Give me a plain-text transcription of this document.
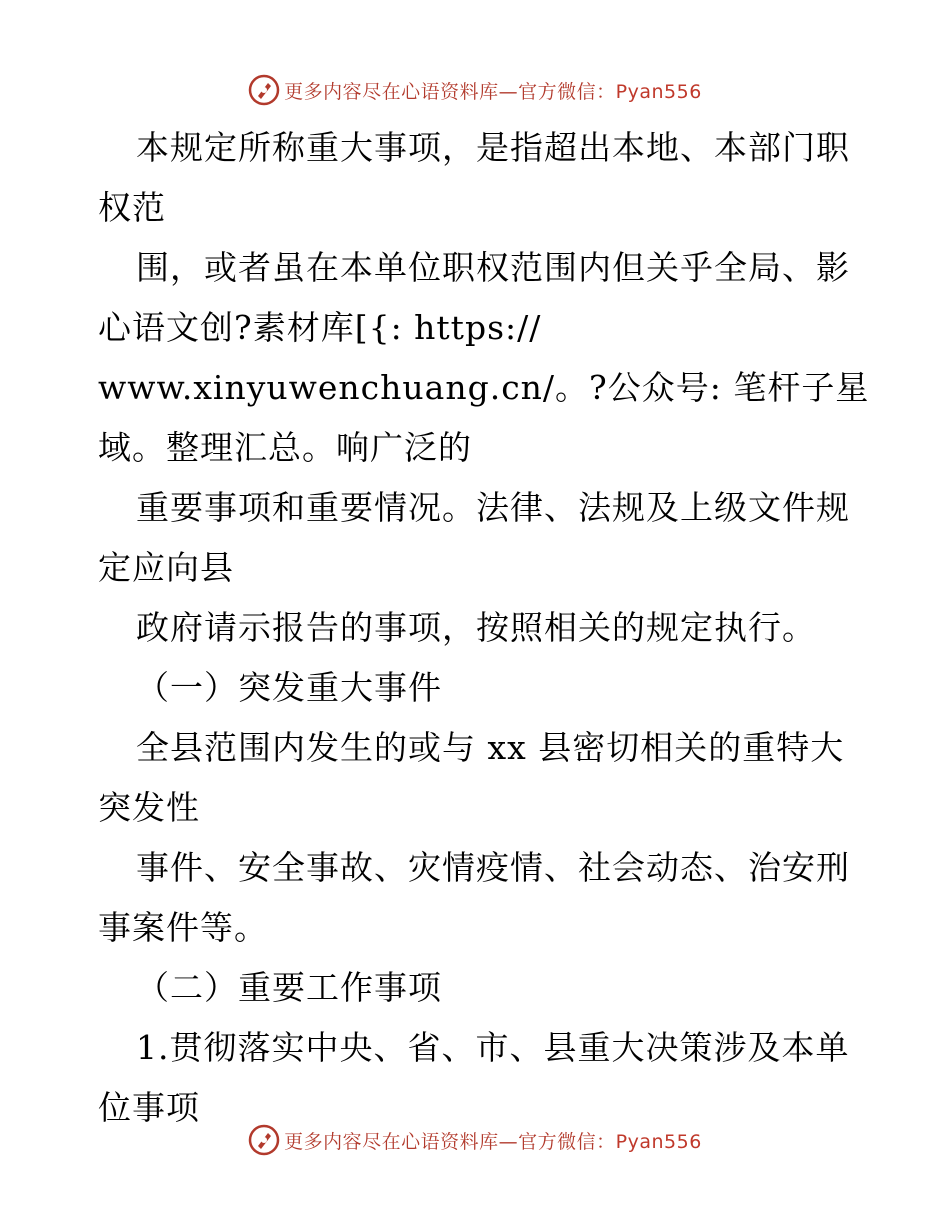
更多内容尽在心语资料库—官方微信：Pyan556
本规定所称重大事项，是指超出本地、本部门职
权范
围，或者虽在本单位职权范围内但关乎全局、影
心语文创?素材库[{: https://
www.xinyuwenchuang.cn/。?公众号: 笔杆子星
域。整理汇总。响广泛的
重要事项和重要情况。法律、法规及上级文件规
定应向县
政府请示报告的事项，按照相关的规定执行。
（一）突发重大事件
全县范围内发生的或与 xx 县密切相关的重特大
突发性
事件、安全事故、灾情疫情、社会动态、治安刑
事案件等。
（二）重要工作事项
1.贯彻落实中央、省、市、县重大决策涉及本单
位事项
更多内容尽在心语资料库—官方微信：Pyan556
